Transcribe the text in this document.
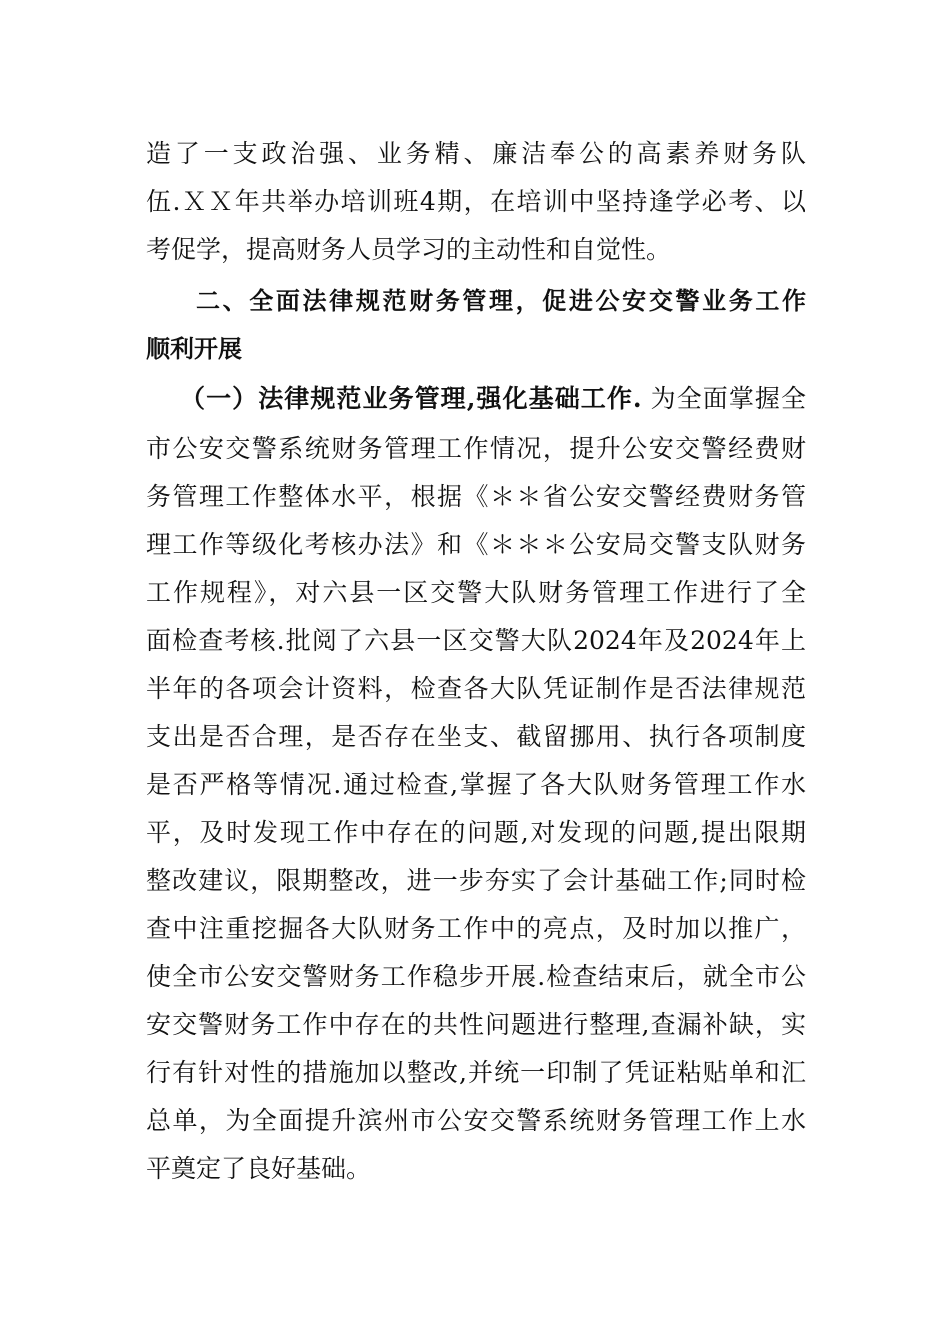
造了一支政治强、业务精、廉洁奉公的高素养财务队
伍.ＸＸ年共举办培训班4期，在培训中坚持逢学必考、以
考促学，提高财务人员学习的主动性和自觉性。
二、全面法律规范财务管理，促进公安交警业务工作
顺利开展
（一）法律规范业务管理,强化基础工作. 为全面掌握全
市公安交警系统财务管理工作情况，提升公安交警经费财
务管理工作整体水平，根据《＊＊省公安交警经费财务管
理工作等级化考核办法》和《＊＊＊公安局交警支队财务
工作规程》，对六县一区交警大队财务管理工作进行了全
面检查考核.批阅了六县一区交警大队2024年及2024年上
半年的各项会计资料，检查各大队凭证制作是否法律规范
支出是否合理，是否存在坐支、截留挪用、执行各项制度
是否严格等情况.通过检查,掌握了各大队财务管理工作水
平，及时发现工作中存在的问题,对发现的问题,提出限期
整改建议，限期整改，进一步夯实了会计基础工作;同时检
查中注重挖掘各大队财务工作中的亮点，及时加以推广，
使全市公安交警财务工作稳步开展.检查结束后，就全市公
安交警财务工作中存在的共性问题进行整理,查漏补缺，实
行有针对性的措施加以整改,并统一印制了凭证粘贴单和汇
总单，为全面提升滨州市公安交警系统财务管理工作上水
平奠定了良好基础。
